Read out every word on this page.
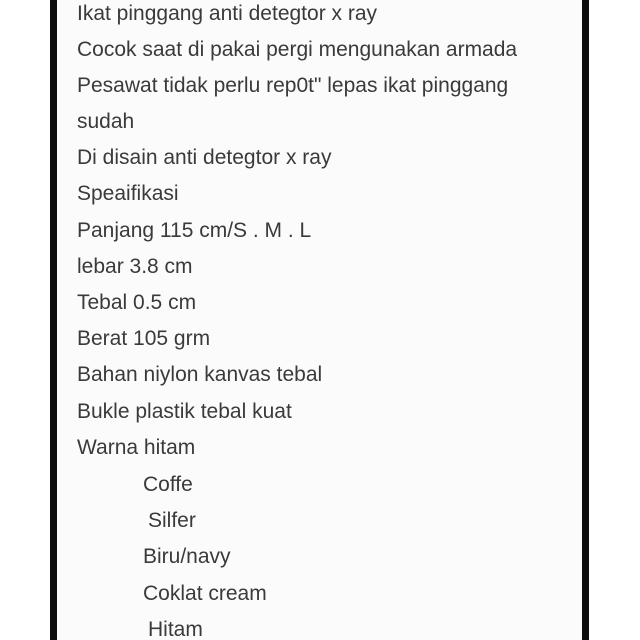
Ikat pinggang anti detegtor x ray
Cocok saat di pakai pergi mengunakan armada
Pesawat tidak perlu rep0t" lepas ikat pinggang
sudah
Di disain anti detegtor x ray
Speaifikasi
Panjang 115 cm/S . M . L
lebar 3.8 cm
Tebal 0.5 cm
Berat 105 grm
Bahan niylon kanvas tebal
Bukle plastik tebal kuat
Warna hitam
Coffe
Silfer
Biru/navy
Coklat cream
Hitam
